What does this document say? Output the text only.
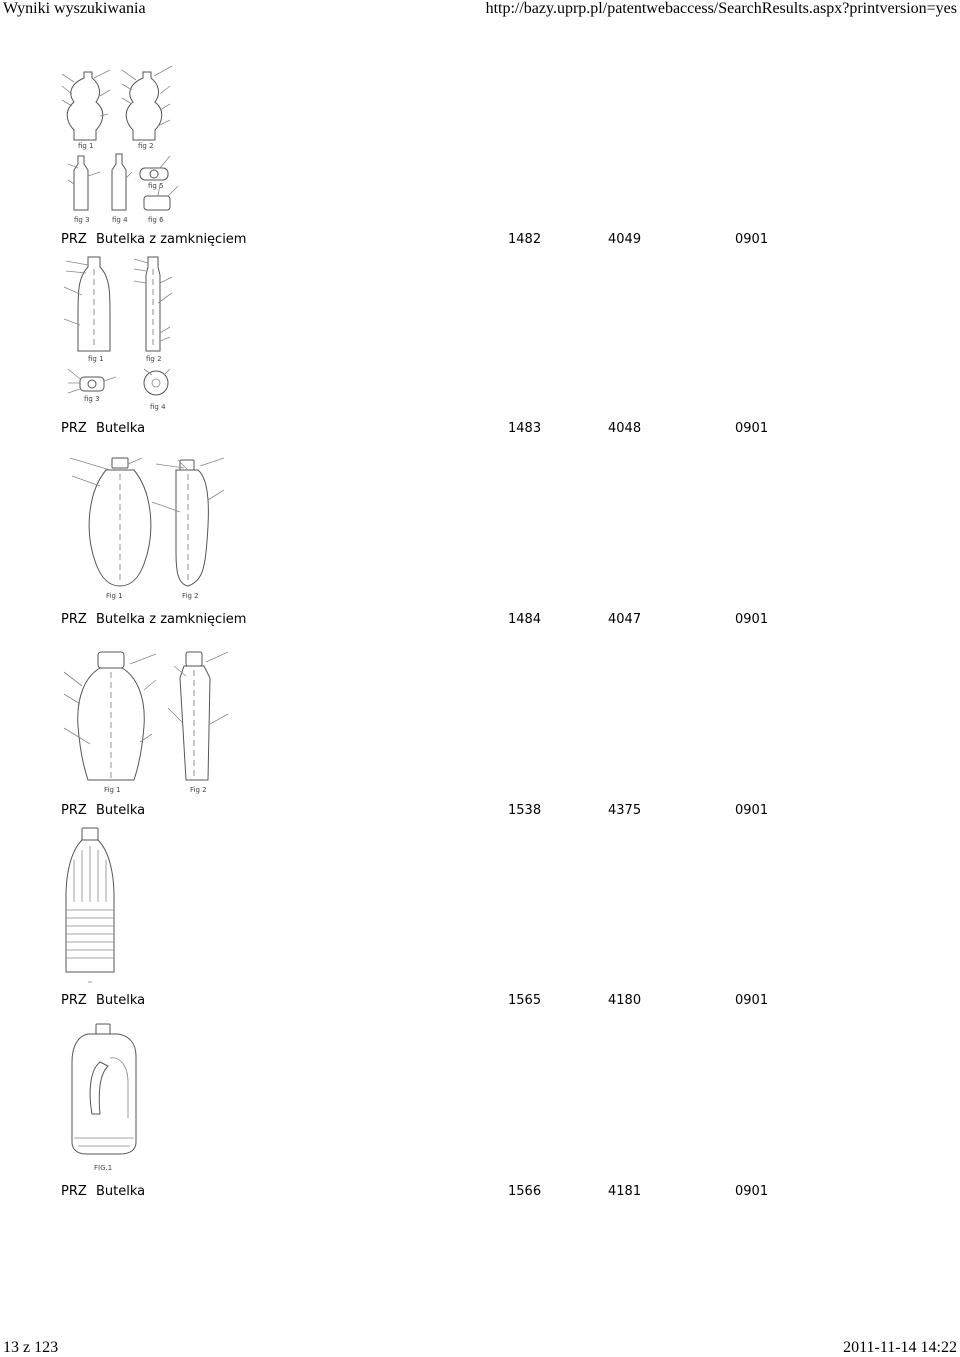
Wyniki wyszukiwania	http://bazy.uprp.pl/patentwebaccess/SearchResults.aspx?printversion=yes
fig 1	fig 2
fig 3	fig 4
fig 5
fig 6
PRZ Butelka z zamknięciem	1482	4049	0901
fig 1	fig 2
fig 3
fig 4
PRZ Butelka	1483	4048	0901
Fig 1	Fig 2
PRZ Butelka z zamknięciem	1484	4047	0901
Fig 1	Fig 2
PRZ Butelka	1538	4375	0901
PRZ Butelka	1565	4180	0901
FIG.1
PRZ Butelka	1566	4181	0901
13 z 123	2011-11-14 14:22
